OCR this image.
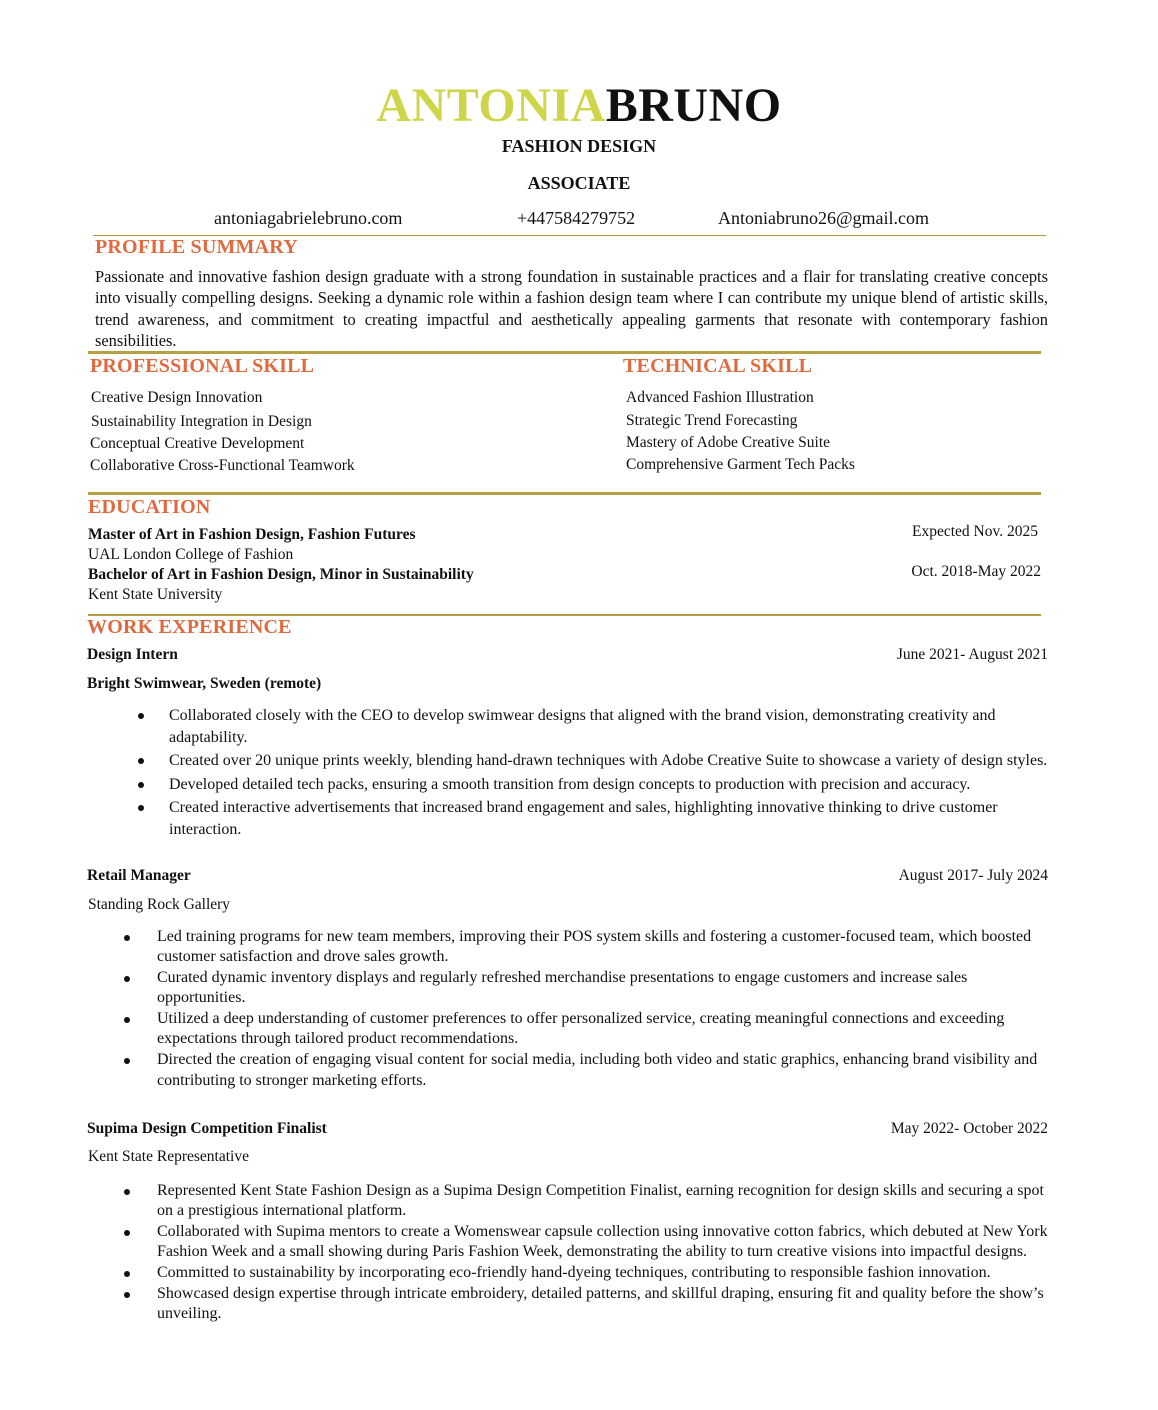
ANTONIABRUNO
FASHION DESIGN
ASSOCIATE
antoniagabrielebruno.com	+447584279752	Antoniabruno26@gmail.com
PROFILE SUMMARY
Passionate and innovative fashion design graduate with a strong foundation in sustainable practices and a flair for translating creative concepts into visually compelling designs. Seeking a dynamic role within a fashion design team where I can contribute my unique blend of artistic skills, trend awareness, and commitment to creating impactful and aesthetically appealing garments that resonate with contemporary fashion sensibilities.
PROFESSIONAL SKILL
Creative Design Innovation
Sustainability Integration in Design
Conceptual Creative Development
Collaborative Cross-Functional Teamwork
TECHNICAL SKILL
Advanced Fashion Illustration
Strategic Trend Forecasting
Mastery of Adobe Creative Suite
Comprehensive Garment Tech Packs
EDUCATION
Master of Art in Fashion Design, Fashion Futures
UAL London College of Fashion
Expected Nov. 2025
Bachelor of Art in Fashion Design, Minor in Sustainability
Kent State University
Oct. 2018-May 2022
WORK EXPERIENCE
Design Intern	June 2021- August 2021
Bright Swimwear, Sweden (remote)
Collaborated closely with the CEO to develop swimwear designs that aligned with the brand vision, demonstrating creativity and adaptability.
Created over 20 unique prints weekly, blending hand-drawn techniques with Adobe Creative Suite to showcase a variety of design styles.
Developed detailed tech packs, ensuring a smooth transition from design concepts to production with precision and accuracy.
Created interactive advertisements that increased brand engagement and sales, highlighting innovative thinking to drive customer interaction.
Retail Manager	August 2017- July 2024
Standing Rock Gallery
Led training programs for new team members, improving their POS system skills and fostering a customer-focused team, which boosted customer satisfaction and drove sales growth.
Curated dynamic inventory displays and regularly refreshed merchandise presentations to engage customers and increase sales opportunities.
Utilized a deep understanding of customer preferences to offer personalized service, creating meaningful connections and exceeding expectations through tailored product recommendations.
Directed the creation of engaging visual content for social media, including both video and static graphics, enhancing brand visibility and contributing to stronger marketing efforts.
Supima Design Competition Finalist	May 2022- October 2022
Kent State Representative
Represented Kent State Fashion Design as a Supima Design Competition Finalist, earning recognition for design skills and securing a spot on a prestigious international platform.
Collaborated with Supima mentors to create a Womenswear capsule collection using innovative cotton fabrics, which debuted at New York Fashion Week and a small showing during Paris Fashion Week, demonstrating the ability to turn creative visions into impactful designs.
Committed to sustainability by incorporating eco-friendly hand-dyeing techniques, contributing to responsible fashion innovation.
Showcased design expertise through intricate embroidery, detailed patterns, and skillful draping, ensuring fit and quality before the show’s unveiling.
